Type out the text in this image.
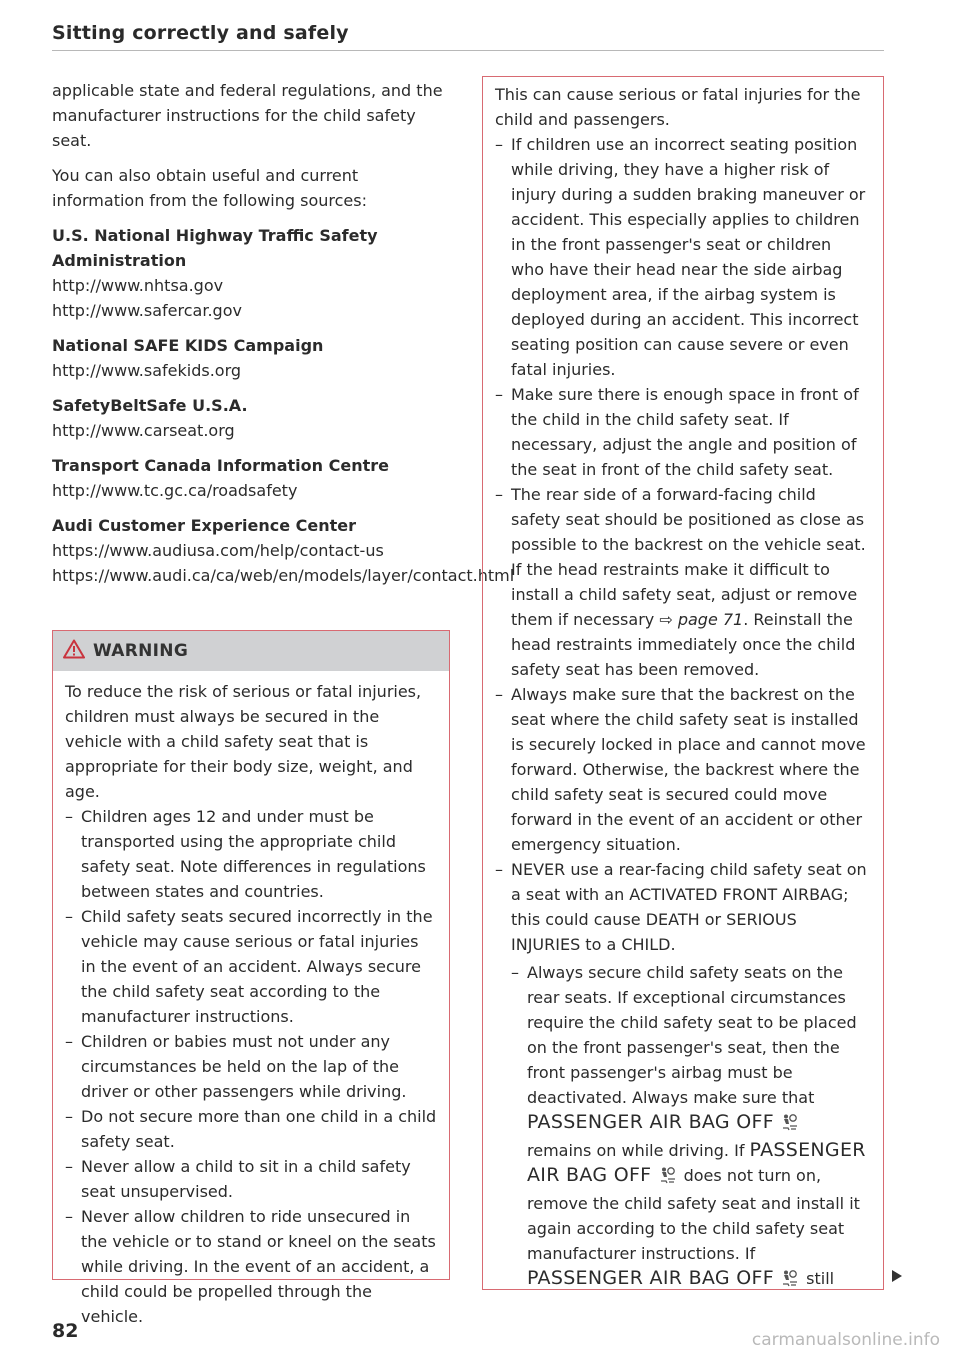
Sitting correctly and safely

applicable state and federal regulations, and the manufacturer instructions for the child safety seat.

You can also obtain useful and current information from the following sources:

U.S. National Highway Traffic Safety Administration
http://www.nhtsa.gov
http://www.safercar.gov
National SAFE KIDS Campaign
http://www.safekids.org
SafetyBeltSafe U.S.A.
http://www.carseat.org
Transport Canada Information Centre
http://www.tc.gc.ca/roadsafety
Audi Customer Experience Center
https://www.audiusa.com/help/contact-us
https://www.audi.ca/ca/web/en/models/layer/contact.html
WARNING
To reduce the risk of serious or fatal injuries, children must always be secured in the vehicle with a child safety seat that is appropriate for their body size, weight, and age.
– Children ages 12 and under must be transported using the appropriate child safety seat. Note differences in regulations between states and countries.
– Child safety seats secured incorrectly in the vehicle may cause serious or fatal injuries in the event of an accident. Always secure the child safety seat according to the manufacturer instructions.
– Children or babies must not under any circumstances be held on the lap of the driver or other passengers while driving.
– Do not secure more than one child in a child safety seat.
– Never allow a child to sit in a child safety seat unsupervised.
– Never allow children to ride unsecured in the vehicle or to stand or kneel on the seats while driving. In the event of an accident, a child could be propelled through the vehicle.
This can cause serious or fatal injuries for the child and passengers.
– If children use an incorrect seating position while driving, they have a higher risk of injury during a sudden braking maneuver or accident. This especially applies to children in the front passenger's seat or children who have their head near the side airbag deployment area, if the airbag system is deployed during an accident. This incorrect seating position can cause severe or even fatal injuries.
– Make sure there is enough space in front of the child in the child safety seat. If necessary, adjust the angle and position of the seat in front of the child safety seat.
– The rear side of a forward-facing child safety seat should be positioned as close as possible to the backrest on the vehicle seat. If the head restraints make it difficult to install a child safety seat, adjust or remove them if necessary ⇨ page 71. Reinstall the head restraints immediately once the child safety seat has been removed.
– Always make sure that the backrest on the seat where the child safety seat is installed is securely locked in place and cannot move forward. Otherwise, the backrest where the child safety seat is secured could move forward in the event of an accident or other emergency situation.
– NEVER use a rear-facing child safety seat on a seat with an ACTIVATED FRONT AIRBAG; this could cause DEATH or SERIOUS INJURIES to a CHILD.
– Always secure child safety seats on the rear seats. If exceptional circumstances require the child safety seat to be placed on the front passenger's seat, then the front passenger's airbag must be deactivated. Always make sure that PASSENGER AIR BAG OFF  remains on while driving. If PASSENGER AIR BAG OFF does not turn on, remove the child safety seat and install it again according to the child safety seat manufacturer instructions. If PASSENGER AIR BAG OFF still
82	carmanualsonline.info
